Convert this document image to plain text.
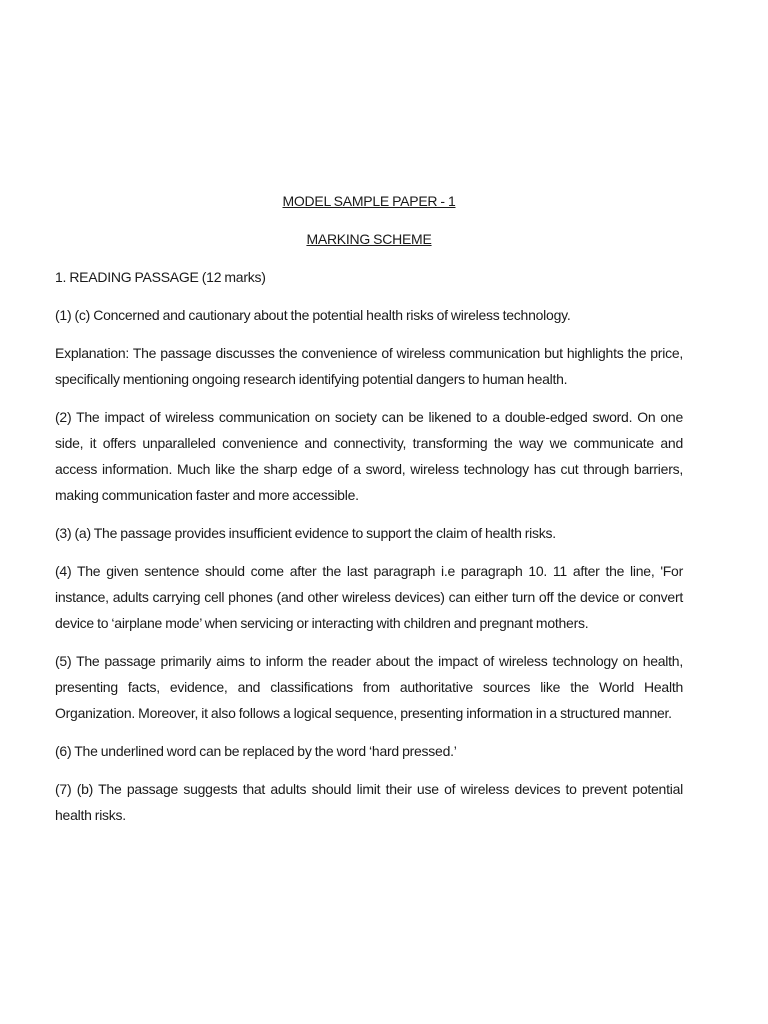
MODEL SAMPLE PAPER - 1

MARKING SCHEME

1. READING PASSAGE (12 marks)

(1) (c) Concerned and cautionary about the potential health risks of wireless technology.

Explanation: The passage discusses the convenience of wireless communication but highlights the price, specifically mentioning ongoing research identifying potential dangers to human health.

(2) The impact of wireless communication on society can be likened to a double-edged sword. On one side, it offers unparalleled convenience and connectivity, transforming the way we communicate and access information. Much like the sharp edge of a sword, wireless technology has cut through barriers, making communication faster and more accessible.

(3) (a) The passage provides insufficient evidence to support the claim of health risks.

(4) The given sentence should come after the last paragraph i.e paragraph 10. 11 after the line, 'For instance, adults carrying cell phones (and other wireless devices) can either turn off the device or convert device to ‘airplane mode’ when servicing or interacting with children and pregnant mothers.

(5) The passage primarily aims to inform the reader about the impact of wireless technology on health, presenting facts, evidence, and classifications from authoritative sources like the World Health Organization. Moreover, it also follows a logical sequence, presenting information in a structured manner.

(6) The underlined word can be replaced by the word ‘hard pressed.’

(7) (b) The passage suggests that adults should limit their use of wireless devices to prevent potential health risks.
